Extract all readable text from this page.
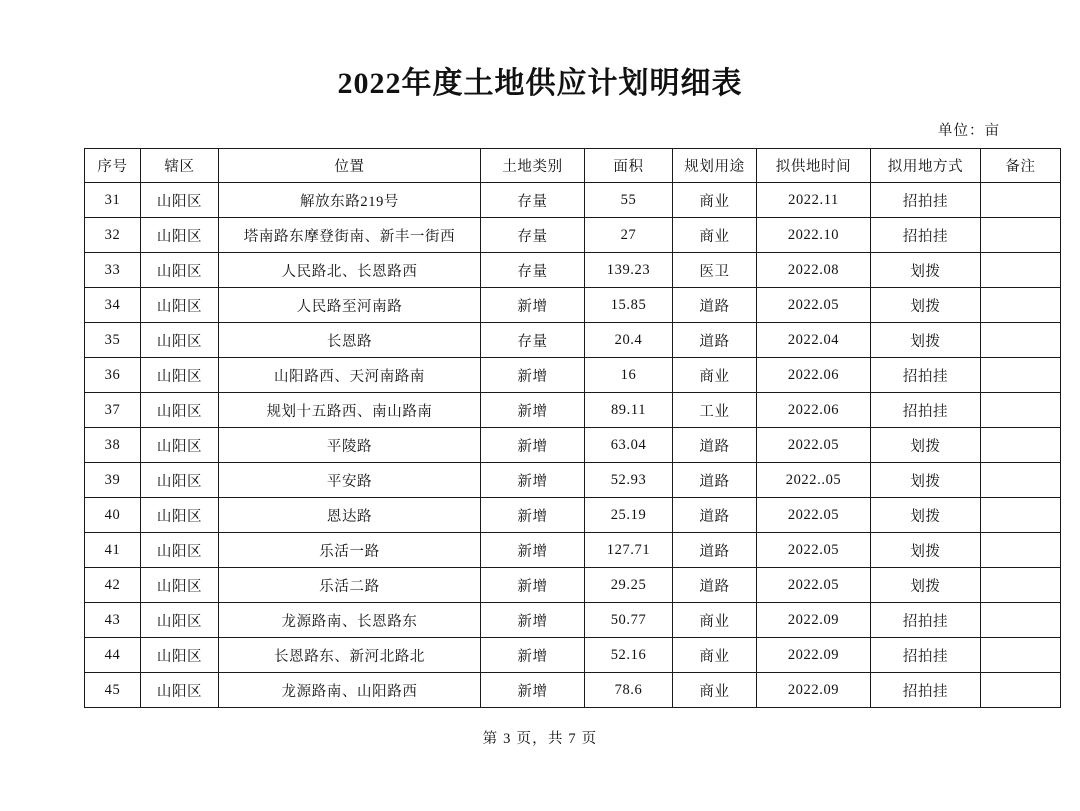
2022年度土地供应计划明细表
单位：亩
序号	辖区	位置	土地类别	面积	规划用途	拟供地时间	拟用地方式	备注
31	山阳区	解放东路219号	存量	55	商业	2022.11	招拍挂	
32	山阳区	塔南路东摩登街南、新丰一街西	存量	27	商业	2022.10	招拍挂	
33	山阳区	人民路北、长恩路西	存量	139.23	医卫	2022.08	划拨	
34	山阳区	人民路至河南路	新增	15.85	道路	2022.05	划拨	
35	山阳区	长恩路	存量	20.4	道路	2022.04	划拨	
36	山阳区	山阳路西、天河南路南	新增	16	商业	2022.06	招拍挂	
37	山阳区	规划十五路西、南山路南	新增	89.11	工业	2022.06	招拍挂	
38	山阳区	平陵路	新增	63.04	道路	2022.05	划拨	
39	山阳区	平安路	新增	52.93	道路	2022..05	划拨	
40	山阳区	恩达路	新增	25.19	道路	2022.05	划拨	
41	山阳区	乐活一路	新增	127.71	道路	2022.05	划拨	
42	山阳区	乐活二路	新增	29.25	道路	2022.05	划拨	
43	山阳区	龙源路南、长恩路东	新增	50.77	商业	2022.09	招拍挂	
44	山阳区	长恩路东、新河北路北	新增	52.16	商业	2022.09	招拍挂	
45	山阳区	龙源路南、山阳路西	新增	78.6	商业	2022.09	招拍挂	
第 3 页，共 7 页
